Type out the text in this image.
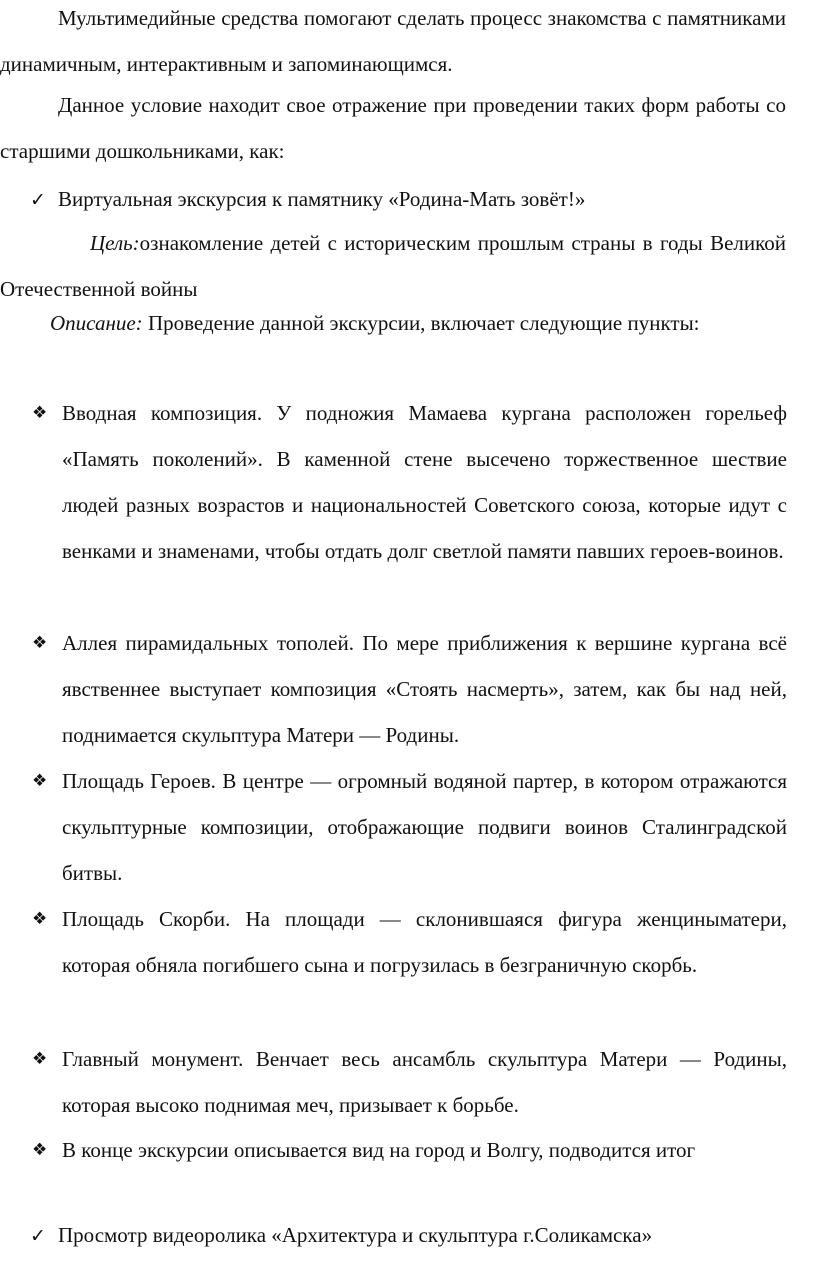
Мультимедийные средства помогают сделать процесс знакомства с памятниками динамичным, интерактивным и запоминающимся.

Данное условие находит свое отражение при проведении таких форм работы со старшими дошкольниками, как:

✓ Виртуальная экскурсия к памятнику «Родина-Мать зовёт!»

Цель:ознакомление детей с историческим прошлым страны в годы Великой Отечественной войны

Описание: Проведение данной экскурсии, включает следующие пункты:

❖ Вводная композиция. У подножия Мамаева кургана расположен горельеф «Память поколений». В каменной стене высечено торжественное шествие людей разных возрастов и национальностей Советского союза, которые идут с венками и знаменами, чтобы отдать долг светлой памяти павших героев-воинов.
❖ Аллея пирамидальных тополей. По мере приближения к вершине кургана всё явственнее выступает композиция «Стоять насмерть», затем, как бы над ней, поднимается скульптура Матери — Родины.
❖ Площадь Героев. В центре — огромный водяной партер, в котором отражаются скульптурные композиции, отображающие подвиги воинов Сталинградской битвы.
❖ Площадь Скорби. На площади — склонившаяся фигура женциныматери, которая обняла погибшего сына и погрузилась в безграничную скорбь.
❖ Главный монумент. Венчает весь ансамбль скульптура Матери — Родины, которая высоко поднимая меч, призывает к борьбе.
❖ В конце экскурсии описывается вид на город и Волгу, подводится итог
✓ Просмотр видеоролика «Архитектура и скульптура г.Соликамска»
